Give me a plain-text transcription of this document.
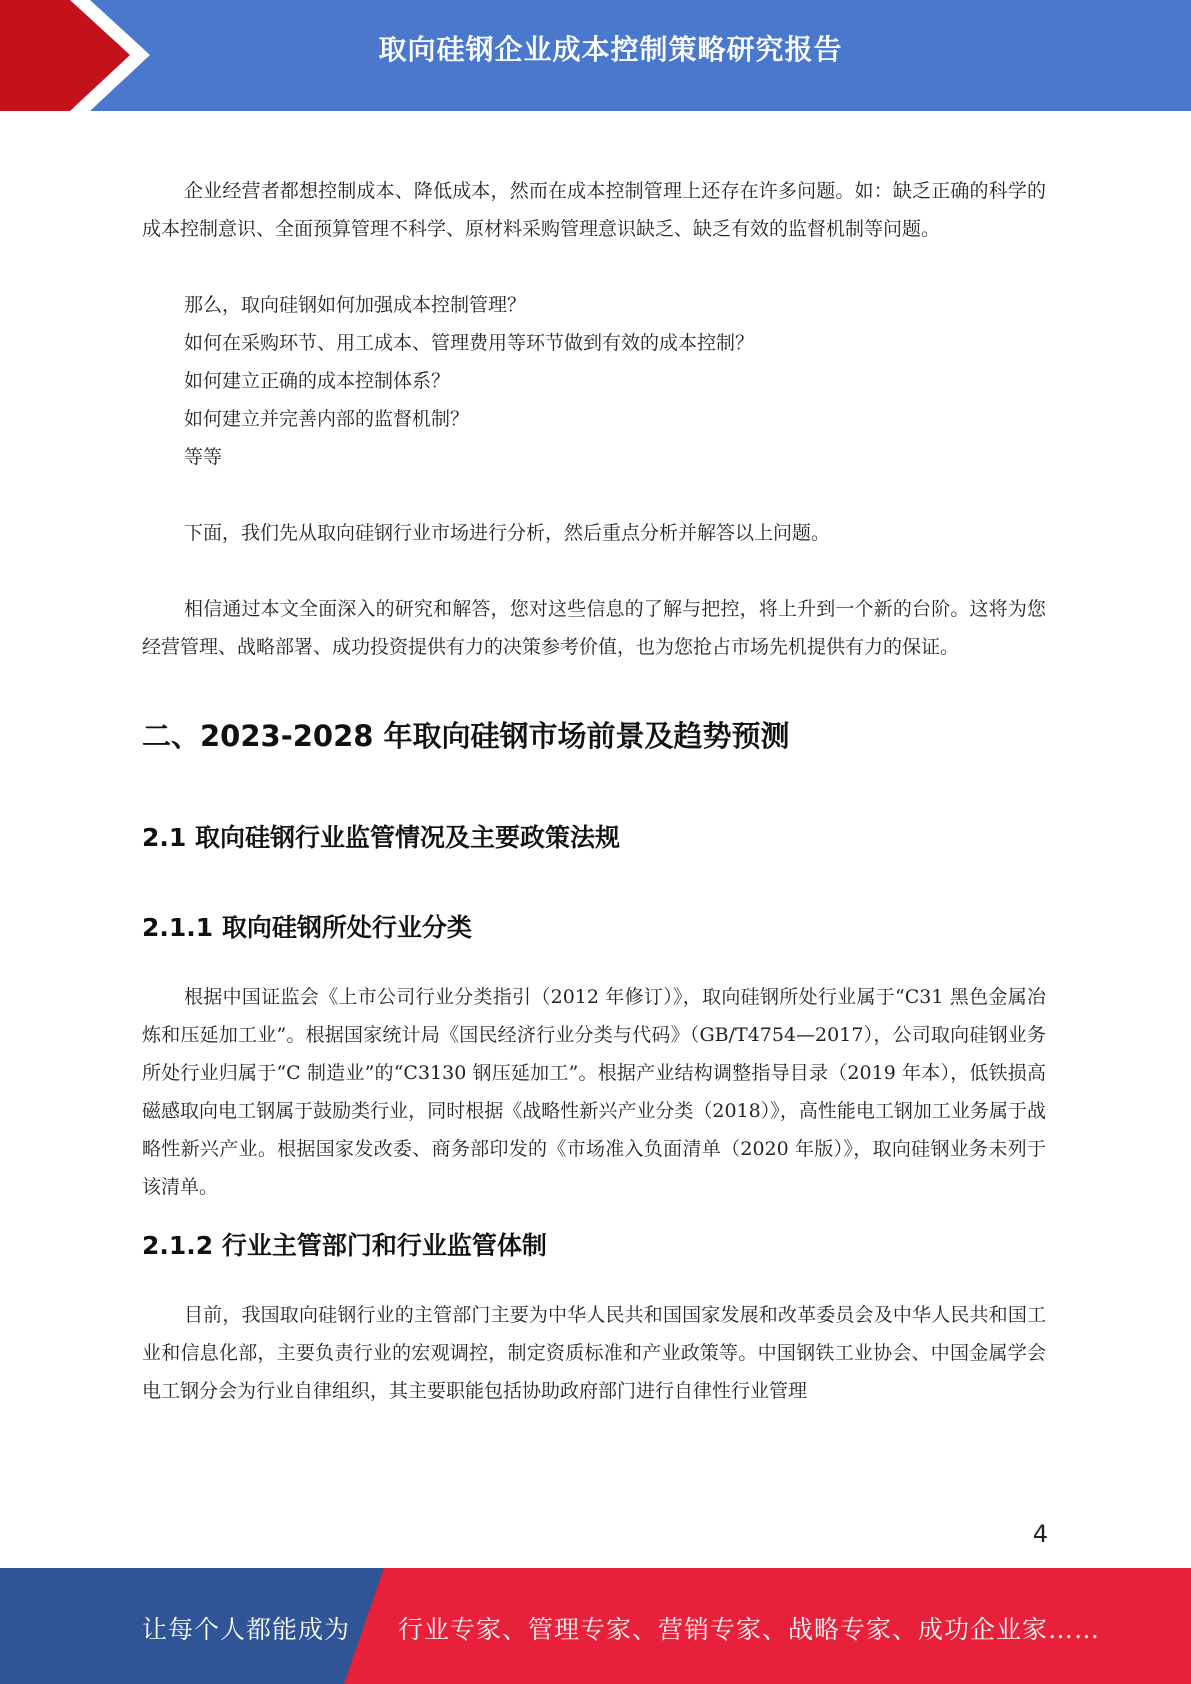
取向硅钢企业成本控制策略研究报告

企业经营者都想控制成本、降低成本，然而在成本控制管理上还存在许多问题。如：缺乏正确的科学的成本控制意识、全面预算管理不科学、原材料采购管理意识缺乏、缺乏有效的监督机制等问题。

那么，取向硅钢如何加强成本控制管理？

如何在采购环节、用工成本、管理费用等环节做到有效的成本控制？

如何建立正确的成本控制体系？

如何建立并完善内部的监督机制？

等等

下面，我们先从取向硅钢行业市场进行分析，然后重点分析并解答以上问题。

相信通过本文全面深入的研究和解答，您对这些信息的了解与把控，将上升到一个新的台阶。这将为您经营管理、战略部署、成功投资提供有力的决策参考价值，也为您抢占市场先机提供有力的保证。

二、2023-2028 年取向硅钢市场前景及趋势预测
2.1 取向硅钢行业监管情况及主要政策法规
2.1.1 取向硅钢所处行业分类

根据中国证监会《上市公司行业分类指引（2012 年修订）》，取向硅钢所处行业属于“C31 黑色金属冶炼和压延加工业”。根据国家统计局《国民经济行业分类与代码》（GB/T4754—2017），公司取向硅钢业务所处行业归属于“C 制造业”的“C3130 钢压延加工”。根据产业结构调整指导目录（2019 年本），低铁损高磁感取向电工钢属于鼓励类行业，同时根据《战略性新兴产业分类（2018）》，高性能电工钢加工业务属于战略性新兴产业。根据国家发改委、商务部印发的《市场准入负面清单（2020 年版）》，取向硅钢业务未列于该清单。

2.1.2 行业主管部门和行业监管体制

目前，我国取向硅钢行业的主管部门主要为中华人民共和国国家发展和改革委员会及中华人民共和国工业和信息化部，主要负责行业的宏观调控，制定资质标准和产业政策等。中国钢铁工业协会、中国金属学会电工钢分会为行业自律组织，其主要职能包括协助政府部门进行自律性行业管理

4
让每个人都能成为 行业专家、管理专家、营销专家、战略专家、成功企业家……
